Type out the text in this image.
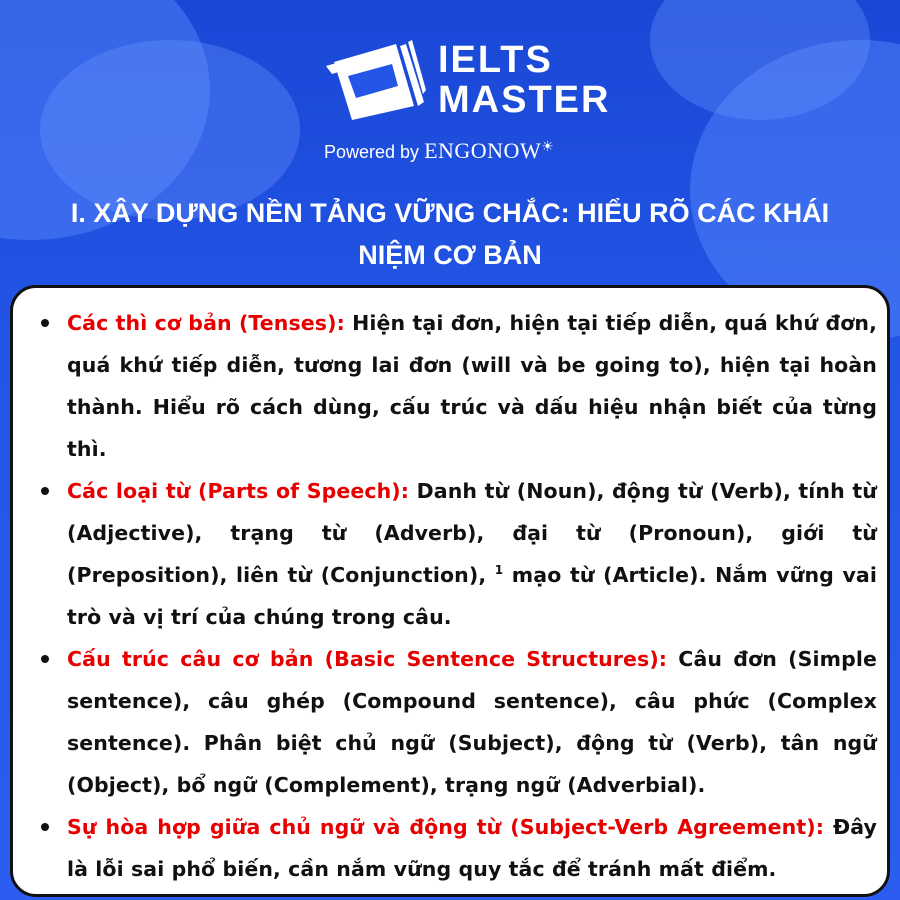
IELTS
MASTER
Powered by ENGONOW☀
I. XÂY DỰNG NỀN TẢNG VỮNG CHẮC: HIỂU RÕ CÁC KHÁI
NIỆM CƠ BẢN
Các thì cơ bản (Tenses): Hiện tại đơn, hiện tại tiếp diễn, quá khứ đơn, quá khứ tiếp diễn, tương lai đơn (will và be going to), hiện tại hoàn thành. Hiểu rõ cách dùng, cấu trúc và dấu hiệu nhận biết của từng thì.
Các loại từ (Parts of Speech): Danh từ (Noun), động từ (Verb), tính từ (Adjective), trạng từ (Adverb), đại từ (Pronoun), giới từ (Preposition), liên từ (Conjunction), $^1$ mạo từ (Article). Nắm vững vai trò và vị trí của chúng trong câu.
Cấu trúc câu cơ bản (Basic Sentence Structures): Câu đơn (Simple sentence), câu ghép (Compound sentence), câu phức (Complex sentence). Phân biệt chủ ngữ (Subject), động từ (Verb), tân ngữ (Object), bổ ngữ (Complement), trạng ngữ (Adverbial).
Sự hòa hợp giữa chủ ngữ và động từ (Subject-Verb Agreement): Đây là lỗi sai phổ biến, cần nắm vững quy tắc để tránh mất điểm.
